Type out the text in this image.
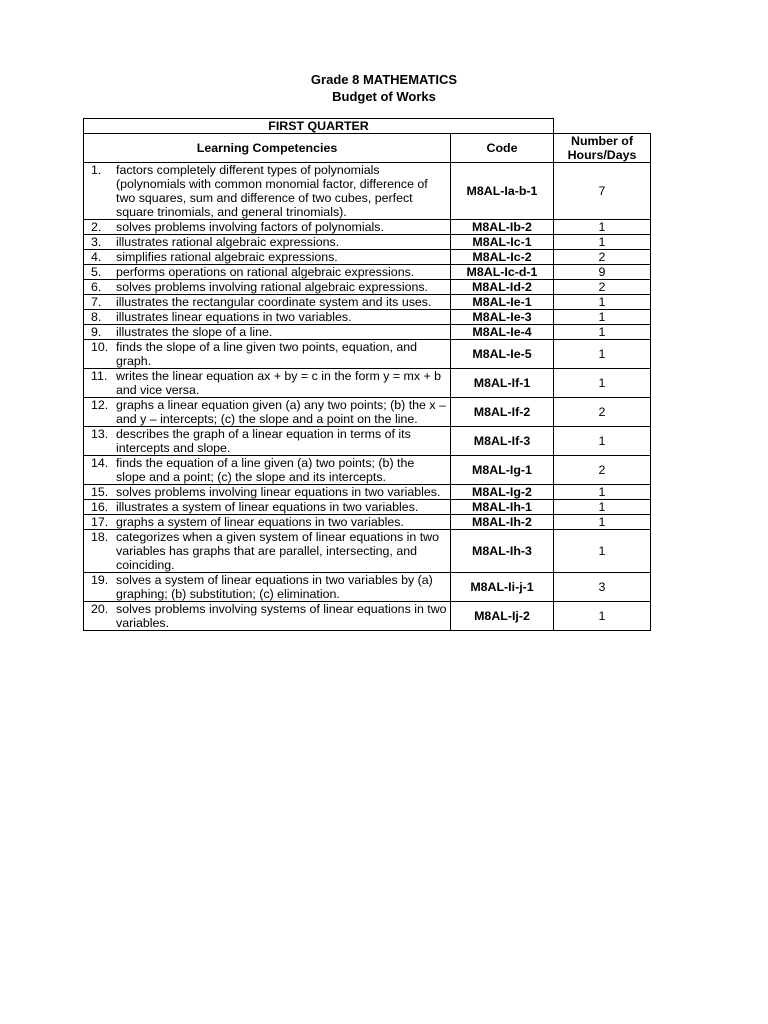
Grade 8 MATHEMATICS
Budget of Works
FIRST QUARTER		
Learning Competencies	Code	Number of Hours/Days

1. factors completely different types of polynomials (polynomials with common monomial factor, difference of two squares, sum and difference of two cubes, perfect square trinomials, and general trinomials).	M8AL-Ia-b-1	7

2. solves problems involving factors of polynomials.	M8AL-Ib-2	1

3. illustrates rational algebraic expressions.	M8AL-Ic-1	1

4. simplifies rational algebraic expressions.	M8AL-Ic-2	2

5. performs operations on rational algebraic expressions.	M8AL-Ic-d-1	9

6. solves problems involving rational algebraic expressions.	M8AL-Id-2	2

7. illustrates the rectangular coordinate system and its uses.	M8AL-Ie-1	1

8. illustrates linear equations in two variables.	M8AL-Ie-3	1

9. illustrates the slope of a line.	M8AL-Ie-4	1

10. finds the slope of a line given two points, equation, and graph.	M8AL-Ie-5	1

11. writes the linear equation ax + by = c in the form y = mx + b and vice versa.	M8AL-If-1	1

12. graphs a linear equation given (a) any two points; (b) the x – and y – intercepts; (c) the slope and a point on the line.	M8AL-If-2	2

13. describes the graph of a linear equation in terms of its intercepts and slope.	M8AL-If-3	1

14. finds the equation of a line given (a) two points; (b) the slope and a point; (c) the slope and its intercepts.	M8AL-Ig-1	2

15. solves problems involving linear equations in two variables.	M8AL-Ig-2	1

16. illustrates a system of linear equations in two variables.	M8AL-Ih-1	1

17. graphs a system of linear equations in two variables.	M8AL-Ih-2	1

18. categorizes when a given system of linear equations in two variables has graphs that are parallel, intersecting, and coinciding.	M8AL-Ih-3	1

19. solves a system of linear equations in two variables by (a) graphing; (b) substitution; (c) elimination.	M8AL-Ii-j-1	3

20. solves problems involving systems of linear equations in two variables.	M8AL-Ij-2	1
